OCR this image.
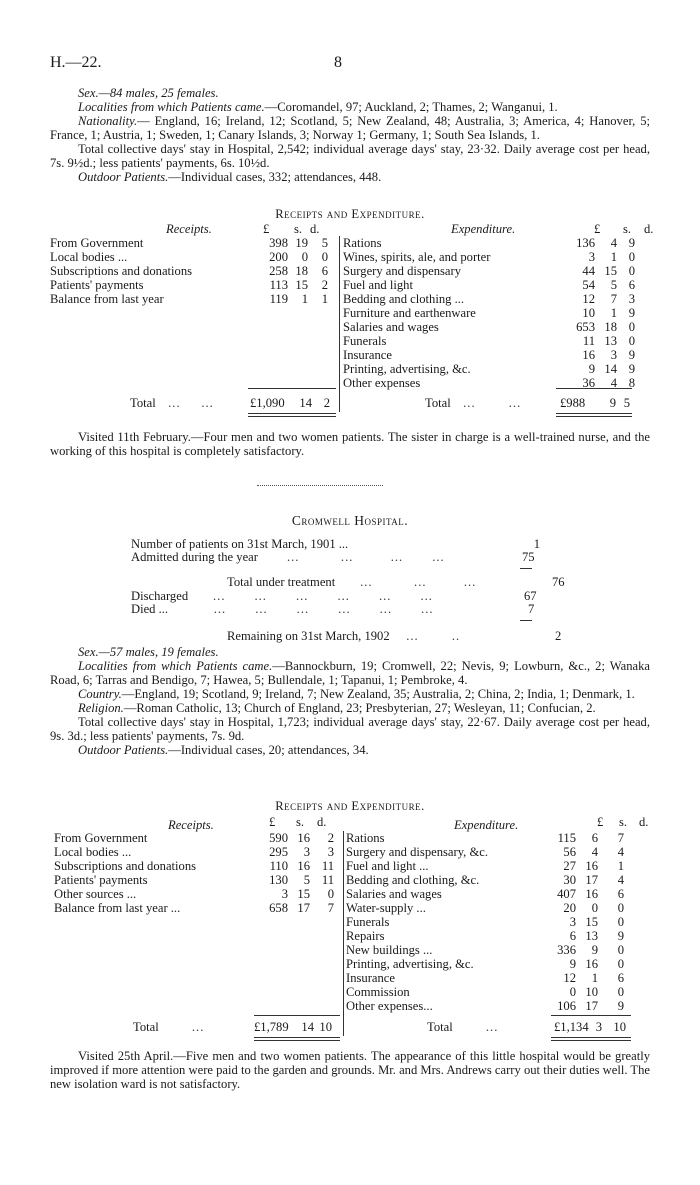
H.—22.	8

Sex.—84 males, 25 females.

Localities from which Patients came.—Coromandel, 97; Auckland, 2; Thames, 2; Wanganui, 1.

Nationality.— England, 16; Ireland, 12; Scotland, 5; New Zealand, 48; Australia, 3; America, 4; Hanover, 5; France, 1; Austria, 1; Sweden, 1; Canary Islands, 3; Norway 1; Germany, 1; South Sea Islands, 1.

Total collective days' stay in Hospital, 2,542; individual average days' stay, 23·32. Daily average cost per head, 7s. 9½d.; less patients' payments, 6s. 10½d.

Outdoor Patients.—Individual cases, 332; attendances, 448.

Receipts and Expenditure.
Receipts.	£ s. d.	Expenditure.	£ s. d.
From Government	398	19	5
Local bodies ...	200	0	0
Subscriptions and donations	258	18	6
Patients' payments	113	15	2
Balance from last year	119	1	1
Rations	136	4	9
Wines, spirits, ale, and porter	3	1	0
Surgery and dispensary	44	15	0
Fuel and light	54	5	6
Bedding and clothing ...	12	7	3
Furniture and earthenware	10	1	9
Salaries and wages	653	18	0
Funerals	11	13	0
Insurance	16	3	9
Printing, advertising, &c.	9	14	9
Other expenses	36	4	8
Total   ...     ...	£1,090	14 2	Total   ...        ...	£988	9 5

Visited 11th February.—Four men and two women patients. The sister in charge is a well-trained nurse, and the working of this hospital is completely satisfactory.

Cromwell Hospital.
Number of patients on 31st March, 1901 ...	1
Admitted during the year       ...          ...         ...       ...	75
Total under treatment      ...          ...         ...	76
Discharged      ...       ...       ...       ...       ...       ...	67
Died ...           ...       ...       ...       ...       ...       ...	7
Remaining on 31st March, 1902    ...        ..	2

Sex.—57 males, 19 females.

Localities from which Patients came.—Bannockburn, 19; Cromwell, 22; Nevis, 9; Lowburn, &c., 2; Wanaka Road, 6; Tarras and Bendigo, 7; Hawea, 5; Bullendale, 1; Tapanui, 1; Pembroke, 4.

Country.—England, 19; Scotland, 9; Ireland, 7; New Zealand, 35; Australia, 2; China, 2; India, 1; Denmark, 1.

Religion.—Roman Catholic, 13; Church of England, 23; Presbyterian, 27; Wesleyan, 11; Confucian, 2.

Total collective days' stay in Hospital, 1,723; individual average days' stay, 22·67. Daily average cost per head, 9s. 3d.; less patients' payments, 7s. 9d.

Outdoor Patients.—Individual cases, 20; attendances, 34.

Receipts and Expenditure.
Receipts.	£ s. d.	Expenditure.	£ s. d.
From Government	590	16	2
Local bodies ...	295	3	3
Subscriptions and donations	110	16	11
Patients' payments	130	5	11
Other sources ...	3	15	0
Balance from last year ...	658	17	7
Rations	115	6	7
Surgery and dispensary, &c.	56	4	4
Fuel and light ...	27	16	1
Bedding and clothing, &c.	30	17	4
Salaries and wages	407	16	6
Water-supply ...	20	0	0
Funerals	3	15	0
Repairs	6	13	9
New buildings ...	336	9	0
Printing, advertising, &c.	9	16	0
Insurance	12	1	6
Commission	0	10	0
Other expenses...	106	17	9
Total        ...	£1,789	14 10	Total        ...	£1,134 3 10

Visited 25th April.—Five men and two women patients. The appearance of this little hospital would be greatly improved if more attention were paid to the garden and grounds. Mr. and Mrs. Andrews carry out their duties well. The new isolation ward is not satisfactory.
